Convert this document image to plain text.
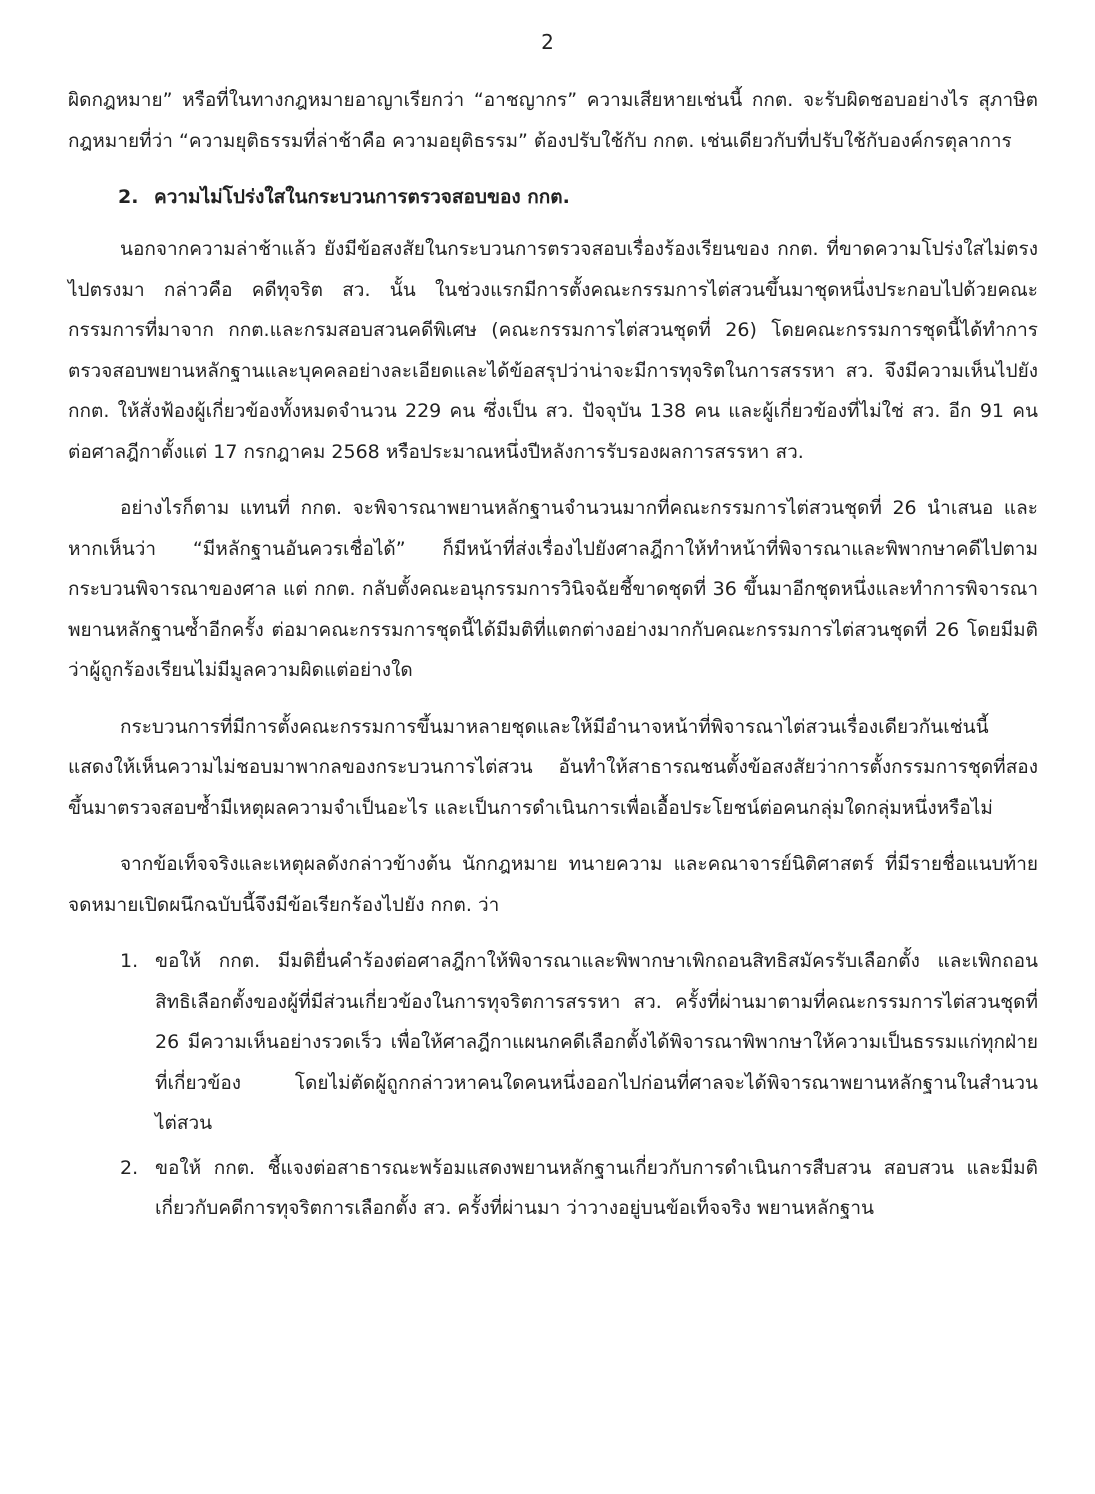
2

ผิดกฎหมาย” หรือที่ในทางกฎหมายอาญาเรียกว่า “อาชญากร” ความเสียหายเช่นนี้ กกต. จะรับผิดชอบอย่างไร สุภาษิตกฎหมายที่ว่า “ความยุติธรรมที่ล่าช้าคือ ความอยุติธรรม” ต้องปรับใช้กับ กกต. เช่นเดียวกับที่ปรับใช้กับองค์กรตุลาการ

2. ความไม่โปร่งใสในกระบวนการตรวจสอบของ กกต.

นอกจากความล่าช้าแล้ว ยังมีข้อสงสัยในกระบวนการตรวจสอบเรื่องร้องเรียนของ กกต. ที่ขาดความโปร่งใสไม่ตรงไปตรงมา กล่าวคือ คดีทุจริต สว. นั้น ในช่วงแรกมีการตั้งคณะกรรมการไต่สวนขึ้นมาชุดหนึ่งประกอบไปด้วยคณะกรรมการที่มาจาก กกต.และกรมสอบสวนคดีพิเศษ (คณะกรรมการไต่สวนชุดที่ 26) โดยคณะกรรมการชุดนี้ได้ทำการตรวจสอบพยานหลักฐานและบุคคลอย่างละเอียดและได้ข้อสรุปว่าน่าจะมีการทุจริตในการสรรหา สว. จึงมีความเห็นไปยัง กกต. ให้สั่งฟ้องผู้เกี่ยวข้องทั้งหมดจำนวน 229 คน ซึ่งเป็น สว. ปัจจุบัน 138 คน และผู้เกี่ยวข้องที่ไม่ใช่ สว. อีก 91 คน ต่อศาลฎีกาตั้งแต่ 17 กรกฎาคม 2568 หรือประมาณหนึ่งปีหลังการรับรองผลการสรรหา สว.

อย่างไรก็ตาม แทนที่ กกต. จะพิจารณาพยานหลักฐานจำนวนมากที่คณะกรรมการไต่สวนชุดที่ 26 นำเสนอ และหากเห็นว่า “มีหลักฐานอันควรเชื่อได้” ก็มีหน้าที่ส่งเรื่องไปยังศาลฎีกาให้ทำหน้าที่พิจารณาและพิพากษาคดีไปตามกระบวนพิจารณาของศาล แต่ กกต. กลับตั้งคณะอนุกรรมการวินิจฉัยชี้ขาดชุดที่ 36 ขึ้นมาอีกชุดหนึ่งและทำการพิจารณาพยานหลักฐานซ้ำอีกครั้ง ต่อมาคณะกรรมการชุดนี้ได้มีมติที่แตกต่างอย่างมากกับคณะกรรมการไต่สวนชุดที่ 26 โดยมีมติว่าผู้ถูกร้องเรียนไม่มีมูลความผิดแต่อย่างใด

กระบวนการที่มีการตั้งคณะกรรมการขึ้นมาหลายชุดและให้มีอำนาจหน้าที่พิจารณาไต่สวนเรื่องเดียวกันเช่นนี้ แสดงให้เห็นความไม่ชอบมาพากลของกระบวนการไต่สวน อันทำให้สาธารณชนตั้งข้อสงสัยว่าการตั้งกรรมการชุดที่สองขึ้นมาตรวจสอบซ้ำมีเหตุผลความจำเป็นอะไร และเป็นการดำเนินการเพื่อเอื้อประโยชน์ต่อคนกลุ่มใดกลุ่มหนึ่งหรือไม่

จากข้อเท็จจริงและเหตุผลดังกล่าวข้างต้น นักกฎหมาย ทนายความ และคณาจารย์นิติศาสตร์ ที่มีรายชื่อแนบท้ายจดหมายเปิดผนึกฉบับนี้จึงมีข้อเรียกร้องไปยัง กกต. ว่า

1. ขอให้ กกต. มีมติยื่นคำร้องต่อศาลฎีกาให้พิจารณาและพิพากษาเพิกถอนสิทธิสมัครรับเลือกตั้ง และเพิกถอนสิทธิเลือกตั้งของผู้ที่มีส่วนเกี่ยวข้องในการทุจริตการสรรหา สว. ครั้งที่ผ่านมาตามที่คณะกรรมการไต่สวนชุดที่ 26 มีความเห็นอย่างรวดเร็ว เพื่อให้ศาลฎีกาแผนกคดีเลือกตั้งได้พิจารณาพิพากษาให้ความเป็นธรรมแก่ทุกฝ่ายที่เกี่ยวข้อง โดยไม่ตัดผู้ถูกกล่าวหาคนใดคนหนึ่งออกไปก่อนที่ศาลจะได้พิจารณาพยานหลักฐานในสำนวนไต่สวน
2. ขอให้ กกต. ชี้แจงต่อสาธารณะพร้อมแสดงพยานหลักฐานเกี่ยวกับการดำเนินการสืบสวน สอบสวน และมีมติเกี่ยวกับคดีการทุจริตการเลือกตั้ง สว. ครั้งที่ผ่านมา ว่าวางอยู่บนข้อเท็จจริง พยานหลักฐาน
